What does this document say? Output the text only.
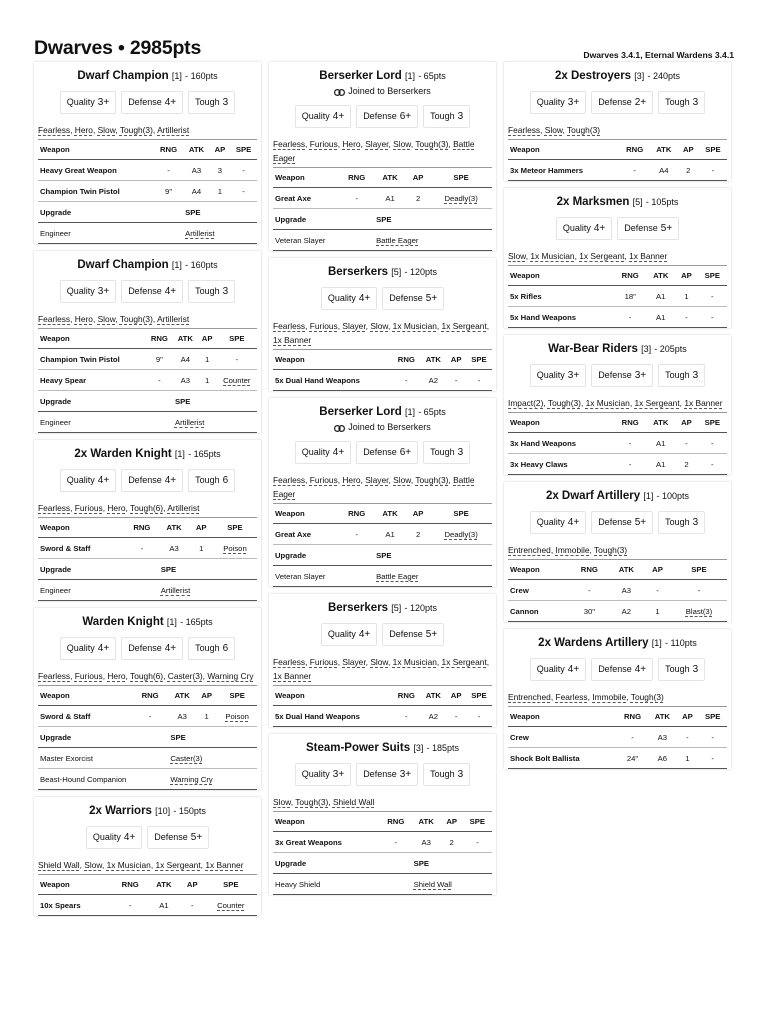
Dwarves • 2985pts	Dwarves 3.4.1, Eternal Wardens 3.4.1
Dwarf Champion [1] - 160pts
Quality 3+	Defense 4+	Tough 3
Fearless, Hero, Slow, Tough(3), Artillerist
Weapon	RNG	ATK	AP	SPE
Heavy Great Weapon	-	A3	3	-
Champion Twin Pistol	9"	A4	1	-
Upgrade		SPE		
Engineer		Artillerist		
Dwarf Champion [1] - 160pts
Quality 3+	Defense 4+	Tough 3
Fearless, Hero, Slow, Tough(3), Artillerist
Weapon	RNG	ATK	AP	SPE
Champion Twin Pistol	9"	A4	1	-
Heavy Spear	-	A3	1	Counter
Upgrade		SPE		
Engineer		Artillerist		
2x Warden Knight [1] - 165pts
Quality 4+	Defense 4+	Tough 6
Fearless, Furious, Hero, Tough(6), Artillerist
Weapon	RNG	ATK	AP	SPE
Sword & Staff	-	A3	1	Poison
Upgrade		SPE		
Engineer		Artillerist		
Warden Knight [1] - 165pts
Quality 4+	Defense 4+	Tough 6
Fearless, Furious, Hero, Tough(6), Caster(3), Warning Cry
Weapon	RNG	ATK	AP	SPE
Sword & Staff	-	A3	1	Poison
Upgrade		SPE		
Master Exorcist		Caster(3)		
Beast-Hound Companion		Warning Cry		
2x Warriors [10] - 150pts
Quality 4+	Defense 5+
Shield Wall, Slow, 1x Musician, 1x Sergeant, 1x Banner
Weapon	RNG	ATK	AP	SPE
10x Spears	-	A1	-	Counter
Berserker Lord [1] - 65pts
Joined to Berserkers
Quality 4+	Defense 6+	Tough 3
Fearless, Furious, Hero, Slayer, Slow, Tough(3), Battle Eager
Weapon	RNG	ATK	AP	SPE
Great Axe	-	A1	2	Deadly(3)
Upgrade		SPE		
Veteran Slayer		Battle Eager		
Berserkers [5] - 120pts
Quality 4+	Defense 5+
Fearless, Furious, Slayer, Slow, 1x Musician, 1x Sergeant, 1x Banner
Weapon	RNG	ATK	AP	SPE
5x Dual Hand Weapons	-	A2	-	-
Berserker Lord [1] - 65pts
Joined to Berserkers
Quality 4+	Defense 6+	Tough 3
Fearless, Furious, Hero, Slayer, Slow, Tough(3), Battle Eager
Weapon	RNG	ATK	AP	SPE
Great Axe	-	A1	2	Deadly(3)
Upgrade		SPE		
Veteran Slayer		Battle Eager		
Berserkers [5] - 120pts
Quality 4+	Defense 5+
Fearless, Furious, Slayer, Slow, 1x Musician, 1x Sergeant, 1x Banner
Weapon	RNG	ATK	AP	SPE
5x Dual Hand Weapons	-	A2	-	-
Steam-Power Suits [3] - 185pts
Quality 3+	Defense 3+	Tough 3
Slow, Tough(3), Shield Wall
Weapon	RNG	ATK	AP	SPE
3x Great Weapons	-	A3	2	-
Upgrade		SPE		
Heavy Shield		Shield Wall		
2x Destroyers [3] - 240pts
Quality 3+	Defense 2+	Tough 3
Fearless, Slow, Tough(3)
Weapon	RNG	ATK	AP	SPE
3x Meteor Hammers	-	A4	2	-
2x Marksmen [5] - 105pts
Quality 4+	Defense 5+
Slow, 1x Musician, 1x Sergeant, 1x Banner
Weapon	RNG	ATK	AP	SPE
5x Rifles	18"	A1	1	-
5x Hand Weapons	-	A1	-	-
War-Bear Riders [3] - 205pts
Quality 3+	Defense 3+	Tough 3
Impact(2), Tough(3), 1x Musician, 1x Sergeant, 1x Banner
Weapon	RNG	ATK	AP	SPE
3x Hand Weapons	-	A1	-	-
3x Heavy Claws	-	A1	2	-
2x Dwarf Artillery [1] - 100pts
Quality 4+	Defense 5+	Tough 3
Entrenched, Immobile, Tough(3)
Weapon	RNG	ATK	AP	SPE
Crew	-	A3	-	-
Cannon	30"	A2	1	Blast(3)
2x Wardens Artillery [1] - 110pts
Quality 4+	Defense 4+	Tough 3
Entrenched, Fearless, Immobile, Tough(3)
Weapon	RNG	ATK	AP	SPE
Crew	-	A3	-	-
Shock Bolt Ballista	24"	A6	1	-
